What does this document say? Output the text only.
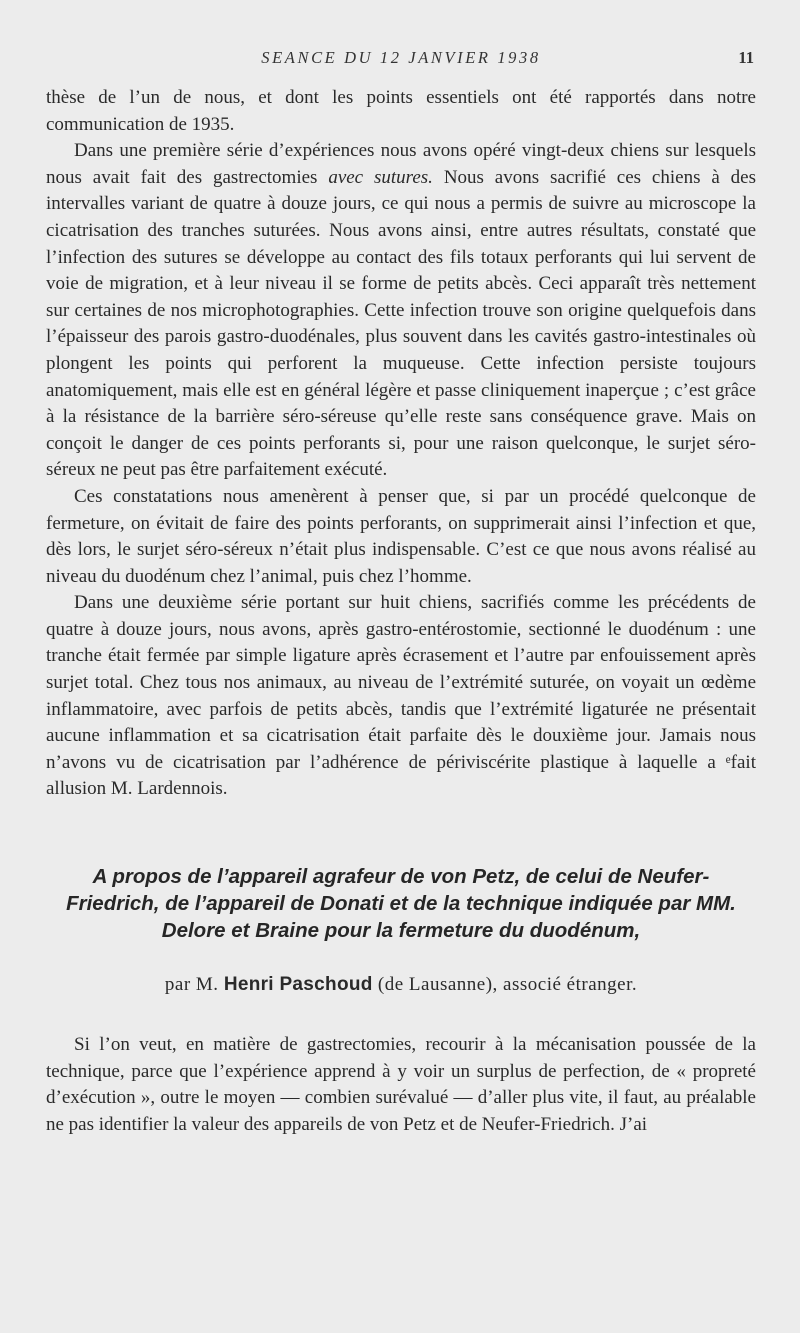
SEANCE DU 12 JANVIER 1938	11

thèse de l’un de nous, et dont les points essentiels ont été rapportés dans notre communication de 1935.

Dans une première série d’expériences nous avons opéré vingt-deux chiens sur lesquels nous avait fait des gastrectomies avec sutures. Nous avons sacrifié ces chiens à des intervalles variant de quatre à douze jours, ce qui nous a permis de suivre au microscope la cicatrisation des tranches suturées. Nous avons ainsi, entre autres résultats, constaté que l’infection des sutures se développe au contact des fils totaux perforants qui lui servent de voie de migration, et à leur niveau il se forme de petits abcès. Ceci apparaît très nettement sur certaines de nos microphotographies. Cette infection trouve son origine quelquefois dans l’épaisseur des parois gastro-duodénales, plus souvent dans les cavités gastro-intestinales où plongent les points qui perforent la muqueuse. Cette infection persiste toujours anatomiquement, mais elle est en général légère et passe cliniquement inaperçue ; c’est grâce à la résistance de la barrière séro-séreuse qu’elle reste sans conséquence grave. Mais on conçoit le danger de ces points perforants si, pour une raison quelconque, le surjet séro-séreux ne peut pas être parfaitement exécuté.

Ces constatations nous amenèrent à penser que, si par un procédé quelconque de fermeture, on évitait de faire des points perforants, on supprimerait ainsi l’infection et que, dès lors, le surjet séro-séreux n’était plus indispensable. C’est ce que nous avons réalisé au niveau du duodénum chez l’animal, puis chez l’homme.

Dans une deuxième série portant sur huit chiens, sacrifiés comme les précédents de quatre à douze jours, nous avons, après gastro-entérostomie, sectionné le duodénum : une tranche était fermée par simple ligature après écrasement et l’autre par enfouissement après surjet total. Chez tous nos animaux, au niveau de l’extrémité suturée, on voyait un œdème inflammatoire, avec parfois de petits abcès, tandis que l’extrémité ligaturée ne présentait aucune inflammation et sa cicatrisation était parfaite dès le douxième jour. Jamais nous n’avons vu de cicatrisation par l’adhérence de périviscérite plastique à laquelle a ᵉfait allusion M. Lardennois.

A propos de l’appareil agrafeur de von Petz, de celui de Neufer-Friedrich, de l’appareil de Donati et de la technique indiquée par MM. Delore et Braine pour la fermeture du duodénum,
par M. Henri Paschoud (de Lausanne), associé étranger.

Si l’on veut, en matière de gastrectomies, recourir à la mécanisation poussée de la technique, parce que l’expérience apprend à y voir un surplus de perfection, de « propreté d’exécution », outre le moyen — combien surévalué — d’aller plus vite, il faut, au préalable ne pas identifier la valeur des appareils de von Petz et de Neufer-Friedrich. J’ai
